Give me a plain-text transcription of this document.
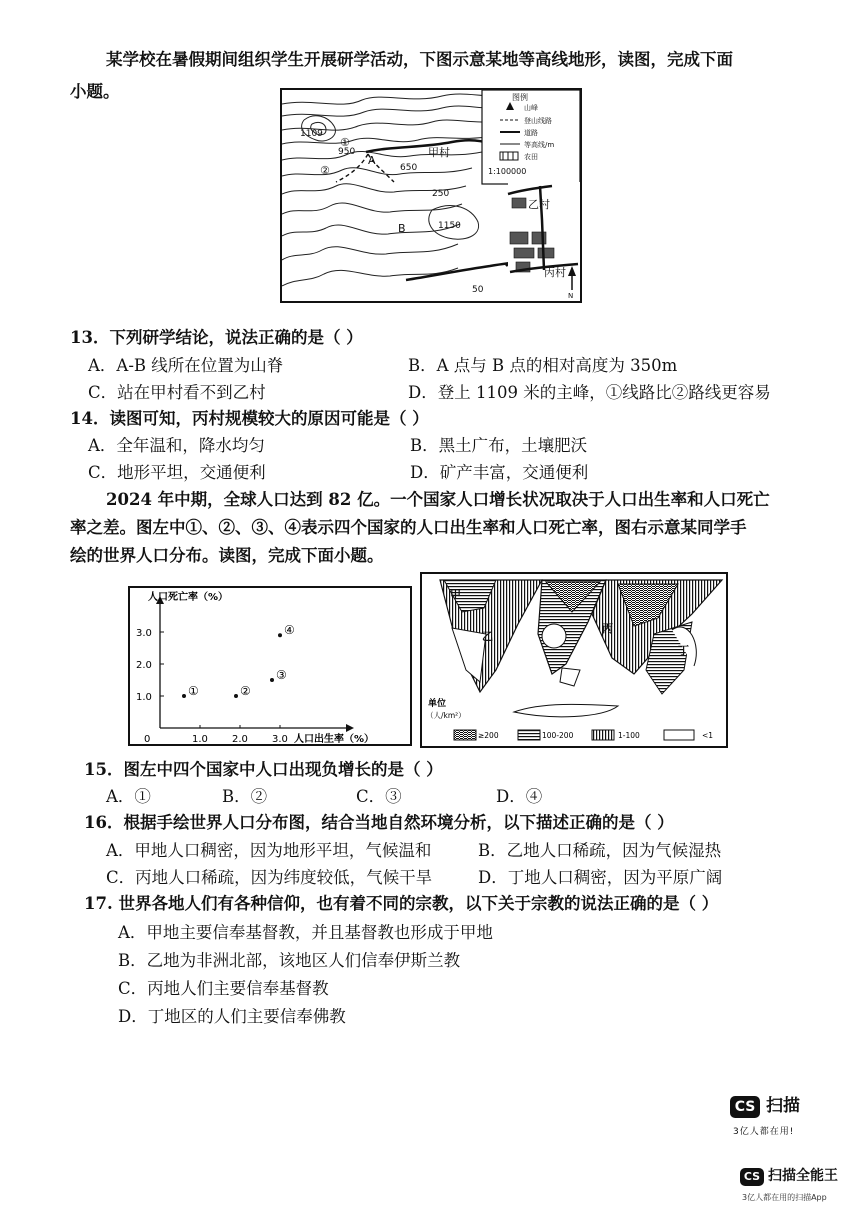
某学校在暑假期间组织学生开展研学活动，下图示意某地等高线地形，读图，完成下面
小题。
1109
950
650
250
1150
50
A
B
①
②
甲村
乙村
丙村
N
图例
山峰
登山线路
道路
等高线/m
农田
1:100000
13．下列研学结论，说法正确的是（ ）
A．A-B 线所在位置为山脊	B．A 点与 B 点的相对高度为 350m
C．站在甲村看不到乙村	D．登上 1109 米的主峰，①线路比②路线更容易
14．读图可知，丙村规模较大的原因可能是（ ）
A．全年温和，降水均匀	B．黑土广布，土壤肥沃
C．地形平坦，交通便利	D．矿产丰富，交通便利
2024 年中期，全球人口达到 82 亿。一个国家人口增长状况取决于人口出生率和人口死亡
率之差。图左中①、②、③、④表示四个国家的人口出生率和人口死亡率，图右示意某同学手
绘的世界人口分布。读图，完成下面小题。
人口死亡率（%）
人口出生率（%）
0	1.0 2.0 3.0
1.0
2.0
3.0
①	②
③
④
甲
乙
丙
丁
单位
（人/km²）
≥200	100-200	1-100	<1
15．图左中四个国家中人口出现负增长的是（ ）
A．①	B．②	C．③	D．④
16．根据手绘世界人口分布图，结合当地自然环境分析，以下描述正确的是（ ）
A．甲地人口稠密，因为地形平坦，气候温和	B．乙地人口稀疏，因为气候湿热
C．丙地人口稀疏，因为纬度较低，气候干旱	D．丁地人口稠密，因为平原广阔
17. 世界各地人们有各种信仰，也有着不同的宗教，以下关于宗教的说法正确的是（ ）
A．甲地主要信奉基督教，并且基督教也形成于甲地
B．乙地为非洲北部，该地区人们信奉伊斯兰教
C．丙地人们主要信奉基督教
D．丁地区的人们主要信奉佛教
CS 扫描
3亿人都在用!
CS 扫描全能王
3亿人都在用的扫描App
